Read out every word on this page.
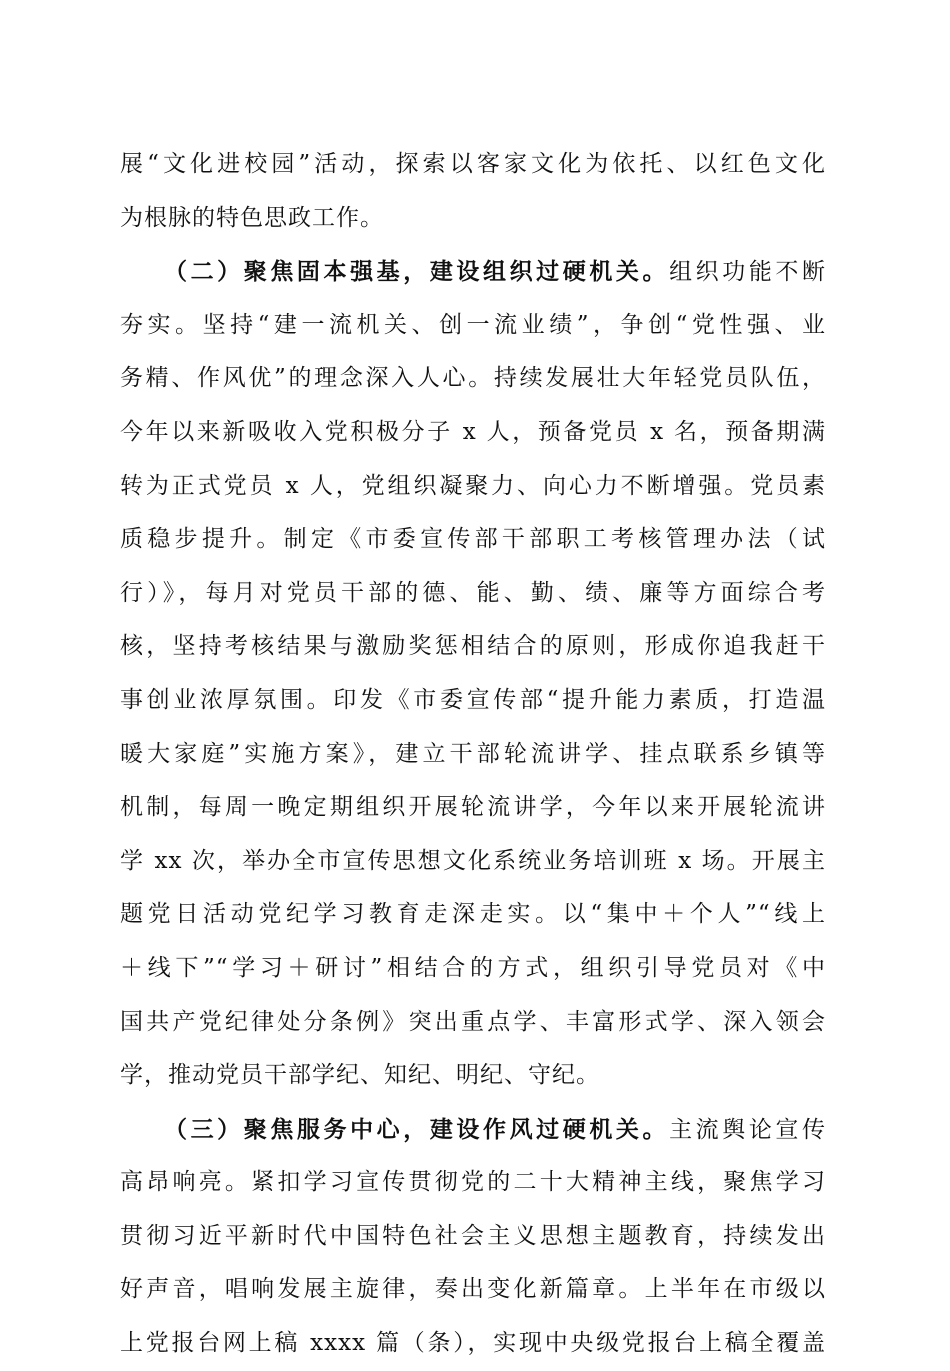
展“文化进校园”活动，探索以客家文化为依托、以红色文化
为根脉的特色思政工作。
（二）聚焦固本强基，建设组织过硬机关。组织功能不断
夯实。坚持“建一流机关、创一流业绩”，争创“党性强、业
务精、作风优”的理念深入人心。持续发展壮大年轻党员队伍，
今年以来新吸收入党积极分子 x 人，预备党员 x 名，预备期满
转为正式党员 x 人，党组织凝聚力、向心力不断增强。党员素
质稳步提升。制定《市委宣传部干部职工考核管理办法（试
行）》，每月对党员干部的德、能、勤、绩、廉等方面综合考
核，坚持考核结果与激励奖惩相结合的原则，形成你追我赶干
事创业浓厚氛围。印发《市委宣传部“提升能力素质，打造温
暖大家庭”实施方案》，建立干部轮流讲学、挂点联系乡镇等
机制，每周一晚定期组织开展轮流讲学，今年以来开展轮流讲
学 xx 次，举办全市宣传思想文化系统业务培训班 x 场。开展主
题党日活动党纪学习教育走深走实。以“集中＋个人”“线上
＋线下”“学习＋研讨”相结合的方式，组织引导党员对《中
国共产党纪律处分条例》突出重点学、丰富形式学、深入领会
学，推动党员干部学纪、知纪、明纪、守纪。
（三）聚焦服务中心，建设作风过硬机关。主流舆论宣传
高昂响亮。紧扣学习宣传贯彻党的二十大精神主线，聚焦学习
贯彻习近平新时代中国特色社会主义思想主题教育，持续发出
好声音，唱响发展主旋律，奏出变化新篇章。上半年在市级以
上党报台网上稿 xxxx 篇（条），实现中央级党报台上稿全覆盖
